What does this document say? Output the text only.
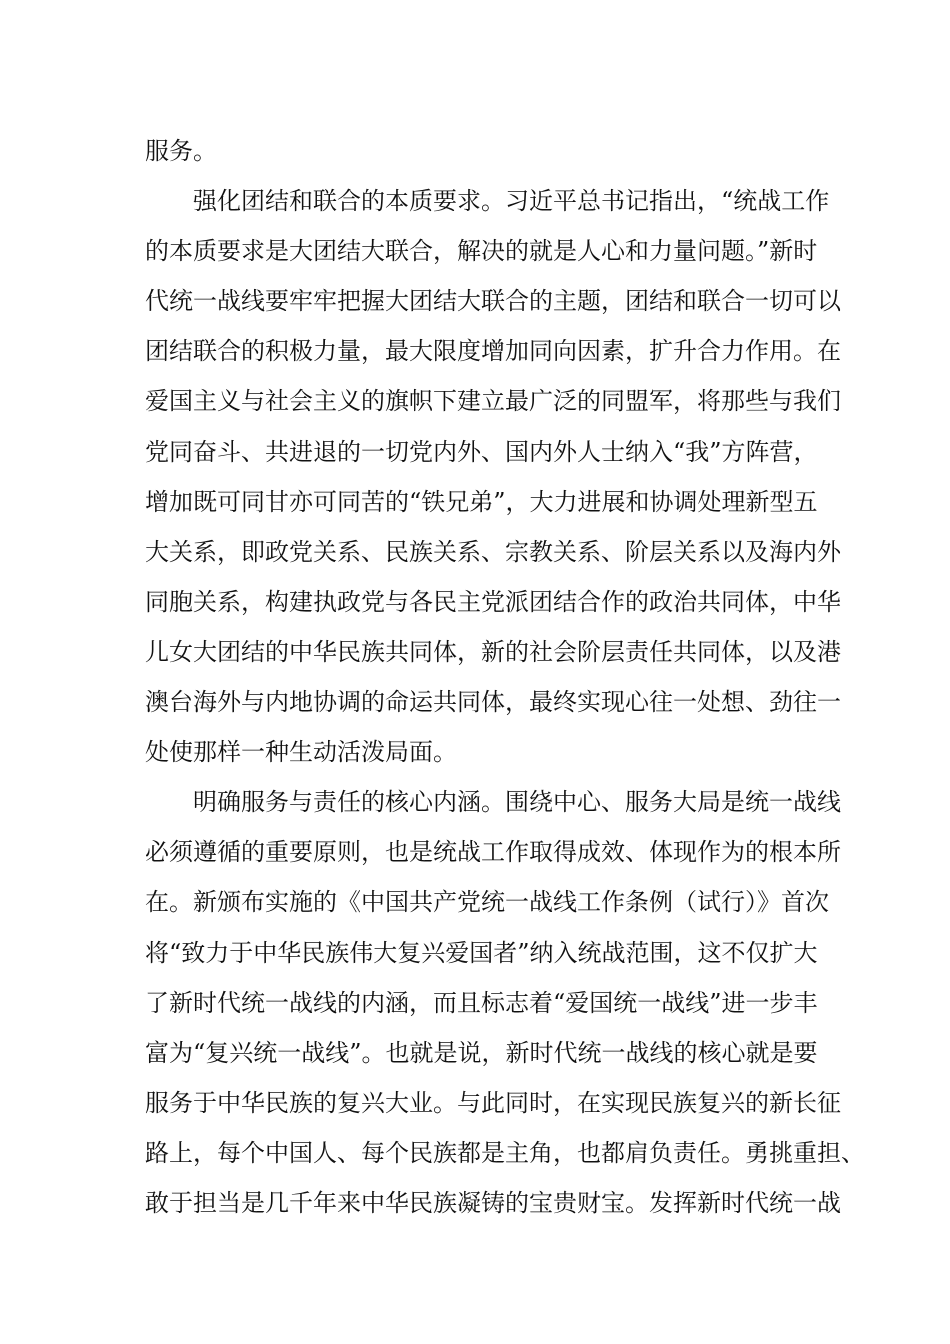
服务。
强化团结和联合的本质要求。习近平总书记指出，“统战工作
的本质要求是大团结大联合，解决的就是人心和力量问题。”新时
代统一战线要牢牢把握大团结大联合的主题，团结和联合一切可以
团结联合的积极力量，最大限度增加同向因素，扩升合力作用。在
爱国主义与社会主义的旗帜下建立最广泛的同盟军，将那些与我们
党同奋斗、共进退的一切党内外、国内外人士纳入“我”方阵营，
增加既可同甘亦可同苦的“铁兄弟”，大力进展和协调处理新型五
大关系，即政党关系、民族关系、宗教关系、阶层关系以及海内外
同胞关系，构建执政党与各民主党派团结合作的政治共同体，中华
儿女大团结的中华民族共同体，新的社会阶层责任共同体，以及港
澳台海外与内地协调的命运共同体，最终实现心往一处想、劲往一
处使那样一种生动活泼局面。
明确服务与责任的核心内涵。围绕中心、服务大局是统一战线
必须遵循的重要原则，也是统战工作取得成效、体现作为的根本所
在。新颁布实施的《中国共产党统一战线工作条例（试行）》首次
将“致力于中华民族伟大复兴爱国者”纳入统战范围，这不仅扩大
了新时代统一战线的内涵，而且标志着“爱国统一战线”进一步丰
富为“复兴统一战线”。也就是说，新时代统一战线的核心就是要
服务于中华民族的复兴大业。与此同时，在实现民族复兴的新长征
路上，每个中国人、每个民族都是主角，也都肩负责任。勇挑重担、
敢于担当是几千年来中华民族凝铸的宝贵财宝。发挥新时代统一战
